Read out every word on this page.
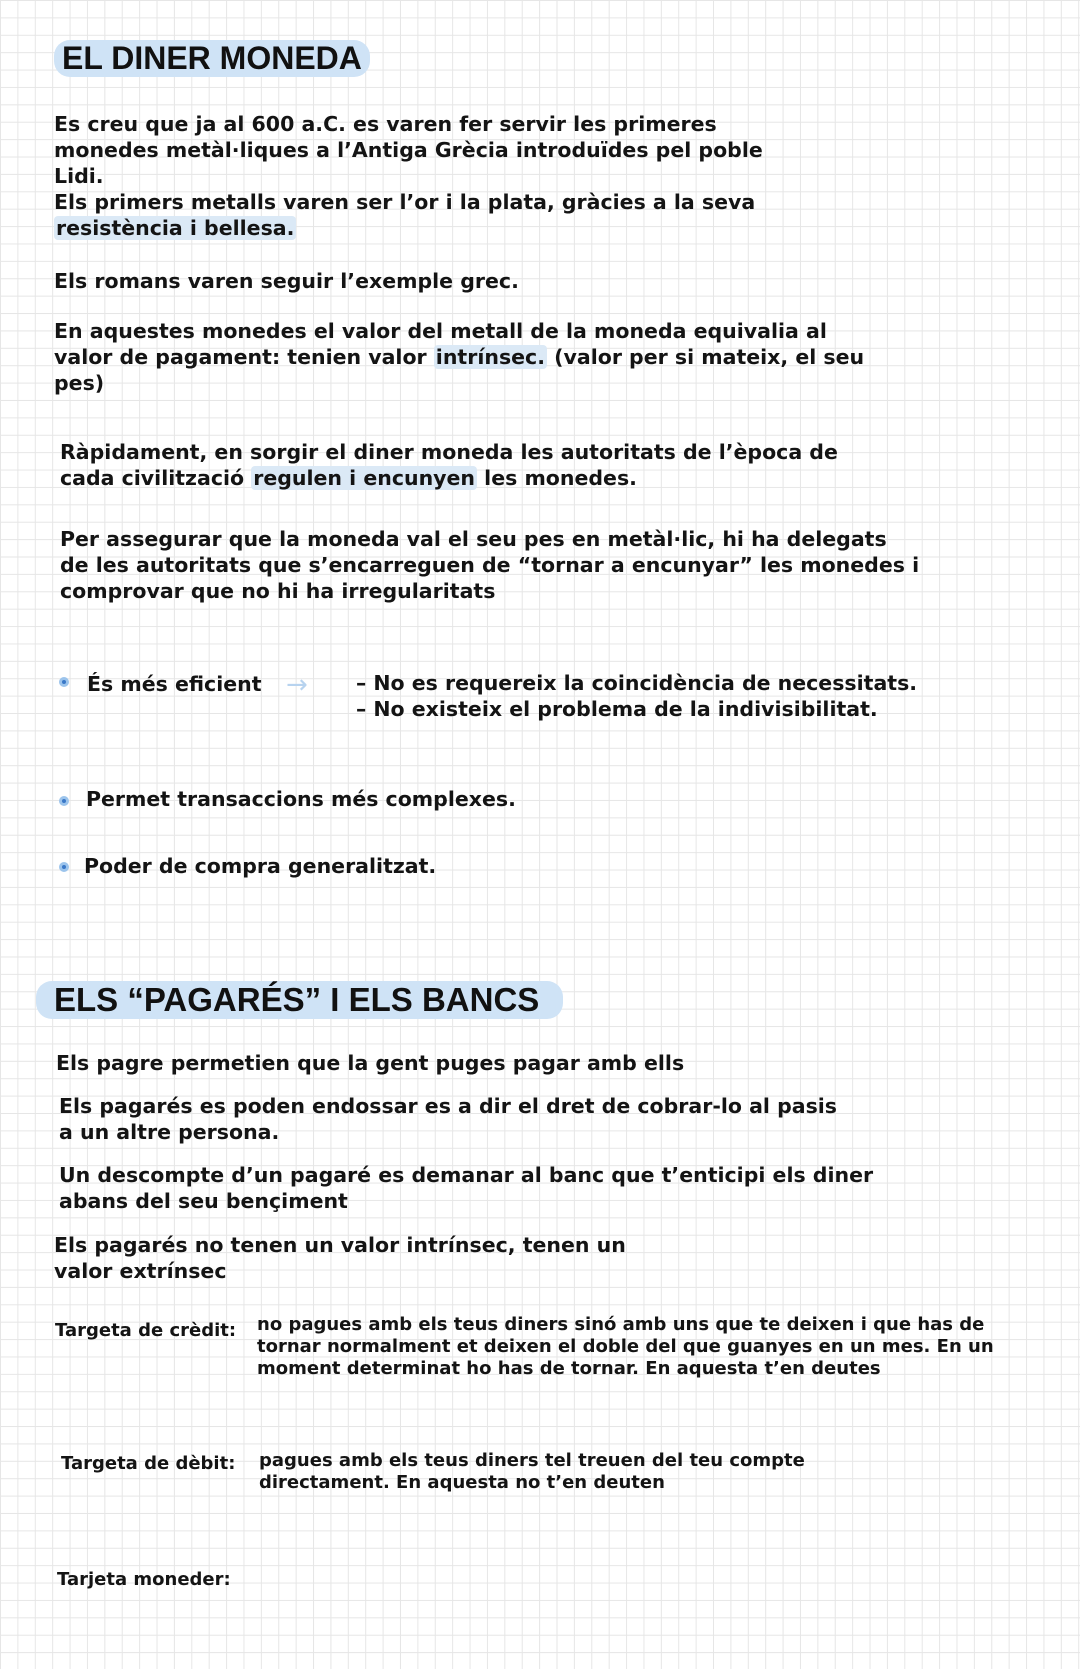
EL DINER MONEDA

Es creu que ja al 600 a.C. es varen fer servir les primeres monedes metàl·liques a l’Antiga Grècia introduïdes pel poble Lidi.

Els primers metalls varen ser l’or i la plata, gràcies a la seva resistència i bellesa.

Els romans varen seguir l’exemple grec.

En aquestes monedes el valor del metall de la moneda equivalia al valor de pagament: tenien valor intrínsec. (valor per si mateix, el seu pes)

Ràpidament, en sorgir el diner moneda les autoritats de l’època de cada civilització regulen i encunyen les monedes.

Per assegurar que la moneda val el seu pes en metàl·lic, hi ha delegats de les autoritats que s’encarreguen de “tornar a encunyar” les monedes i comprovar que no hi ha irregularitats

És més eficient → – No es requereix la coincidència de necessitats.

– No existeix el problema de la indivisibilitat.

Permet transaccions més complexes.

Poder de compra generalitzat.

ELS “PAGARÉS” I ELS BANCS

Els pagre permetien que la gent puges pagar amb ells

Els pagarés es poden endossar es a dir el dret de cobrar-lo al pasis a un altre persona.

Un descompte d’un pagaré es demanar al banc que t’enticipi els diner abans del seu bençiment

Els pagarés no tenen un valor intrínsec, tenen un valor extrínsec

Targeta de crèdit: no pagues amb els teus diners sinó amb uns que te deixen i que has de tornar normalment et deixen el doble del que guanyes en un mes. En un moment determinat ho has de tornar. En aquesta t’en deutes

Targeta de dèbit: pagues amb els teus diners tel treuen del teu compte directament. En aquesta no t’en deuten

Tarjeta moneder:
